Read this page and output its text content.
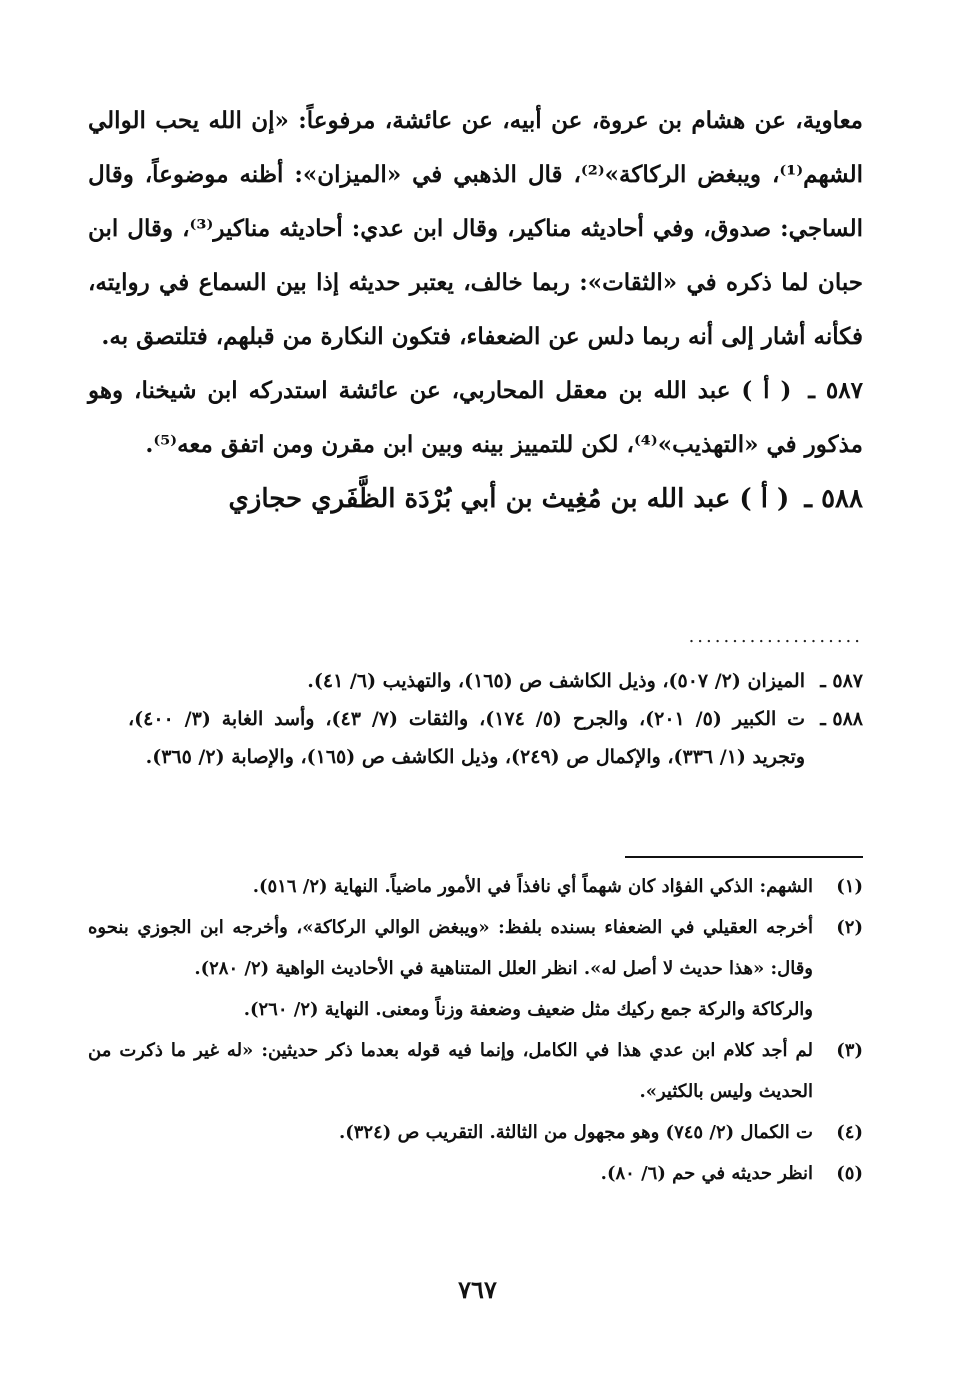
معاوية، عن هشام بن عروة، عن أبيه، عن عائشة، مرفوعاً: «إن الله يحب الوالي الشهم⁽¹⁾، ويبغض الركاكة»⁽²⁾، قال الذهبي في «الميزان»: أظنه موضوعاً، وقال الساجي: صدوق، وفي أحاديثه مناكير، وقال ابن عدي: أحاديثه مناكير⁽³⁾، وقال ابن حبان لما ذكره في «الثقات»: ربما خالف، يعتبر حديثه إذا بين السماع في روايته، فكأنه أشار إلى أنه ربما دلس عن الضعفاء، فتكون النكارة من قبلهم، فتلتصق به.

٥٨٧ ـ ( أ ) عبد الله بن معقل المحاربي، عن عائشة استدركه ابن شيخنا، وهو مذكور في «التهذيب»⁽⁴⁾، لكن للتمييز بينه وبين ابن مقرن ومن اتفق معه⁽⁵⁾.

٥٨٨ ـ ( أ ) عبد الله بن مُغِيث بن أبي بُرْدَة الظَّفَري حجازي

....................

٥٨٧ ـالميزان (٢/ ٥٠٧)، وذيل الكاشف ص (١٦٥)، والتهذيب (٦/ ٤١).

٥٨٨ ـت الكبير (٥/ ٢٠١)، والجرح (٥/ ١٧٤)، والثقات (٧/ ٤٣)، وأسد الغابة (٣/ ٤٠٠)، وتجريد (١/ ٣٣٦)، والإكمال ص (٢٤٩)، وذيل الكاشف ص (١٦٥)، والإصابة (٢/ ٣٦٥).

(١)الشهم: الذكي الفؤاد كان شهماً أي نافذاً في الأمور ماضياً. النهاية (٢/ ٥١٦).

(٢)أخرجه العقيلي في الضعفاء بسنده بلفظ: «ويبغض الوالي الركاكة»، وأخرجه ابن الجوزي بنحوه وقال: «هذا حديث لا أصل له». انظر العلل المتناهية في الأحاديث الواهية (٢/ ٢٨٠).

والركاكة والركة جمع ركيك مثل ضعيف وضعفة وزناً ومعنى. النهاية (٢/ ٢٦٠).

(٣)لم أجد كلام ابن عدي هذا في الكامل، وإنما فيه قوله بعدما ذكر حديثين: «له غير ما ذكرت من الحديث وليس بالكثير».

(٤)ت الكمال (٢/ ٧٤٥) وهو مجهول من الثالثة. التقريب ص (٣٢٤).

(٥)انظر حديثه في حم (٦/ ٨٠).

٧٦٧
